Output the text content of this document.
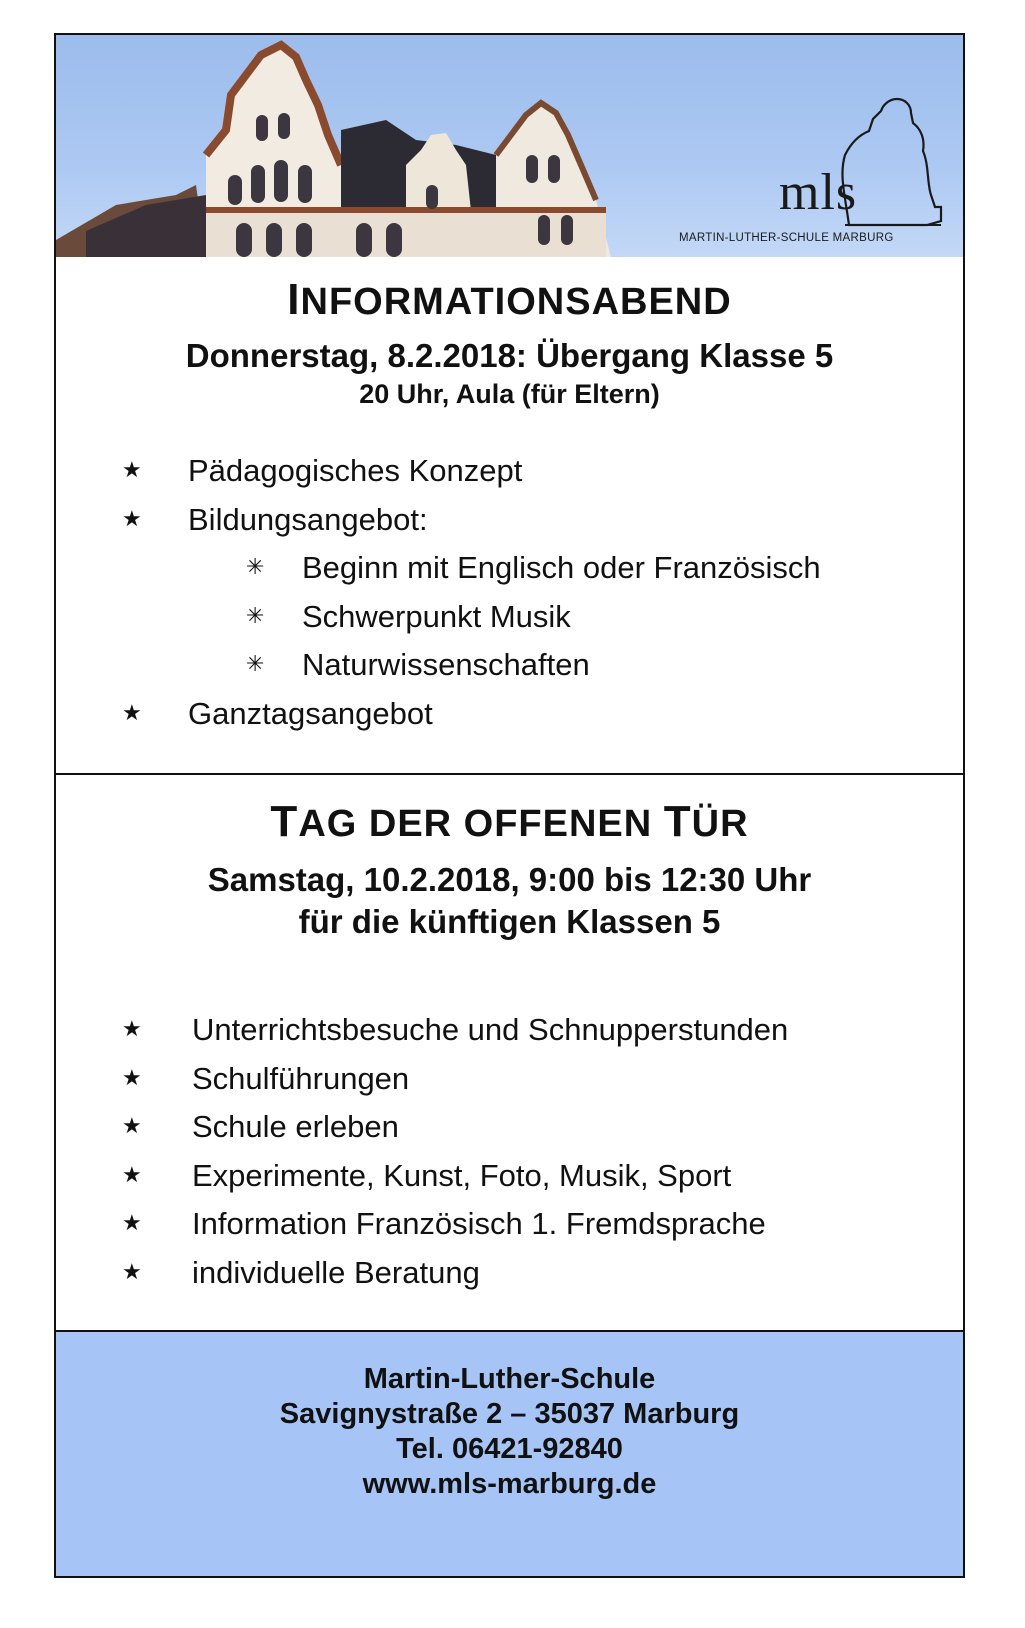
mls
MARTIN-LUTHER-SCHULE MARBURG
INFORMATIONSABEND
Donnerstag, 8.2.2018: Übergang Klasse 5
20 Uhr, Aula (für Eltern)
★ Pädagogisches Konzept
★ Bildungsangebot:
✳ Beginn mit Englisch oder Französisch
✳ Schwerpunkt Musik
✳ Naturwissenschaften
★ Ganztagsangebot
TAG DER OFFENEN TÜR
Samstag, 10.2.2018, 9:00 bis 12:30 Uhr
für die künftigen Klassen 5
★ Unterrichtsbesuche und Schnupperstunden
★ Schulführungen
★ Schule erleben
★ Experimente, Kunst, Foto, Musik, Sport
★ Information Französisch 1. Fremdsprache
★ individuelle Beratung
Martin-Luther-Schule
Savignystraße 2 – 35037 Marburg
Tel. 06421-92840
www.mls-marburg.de
